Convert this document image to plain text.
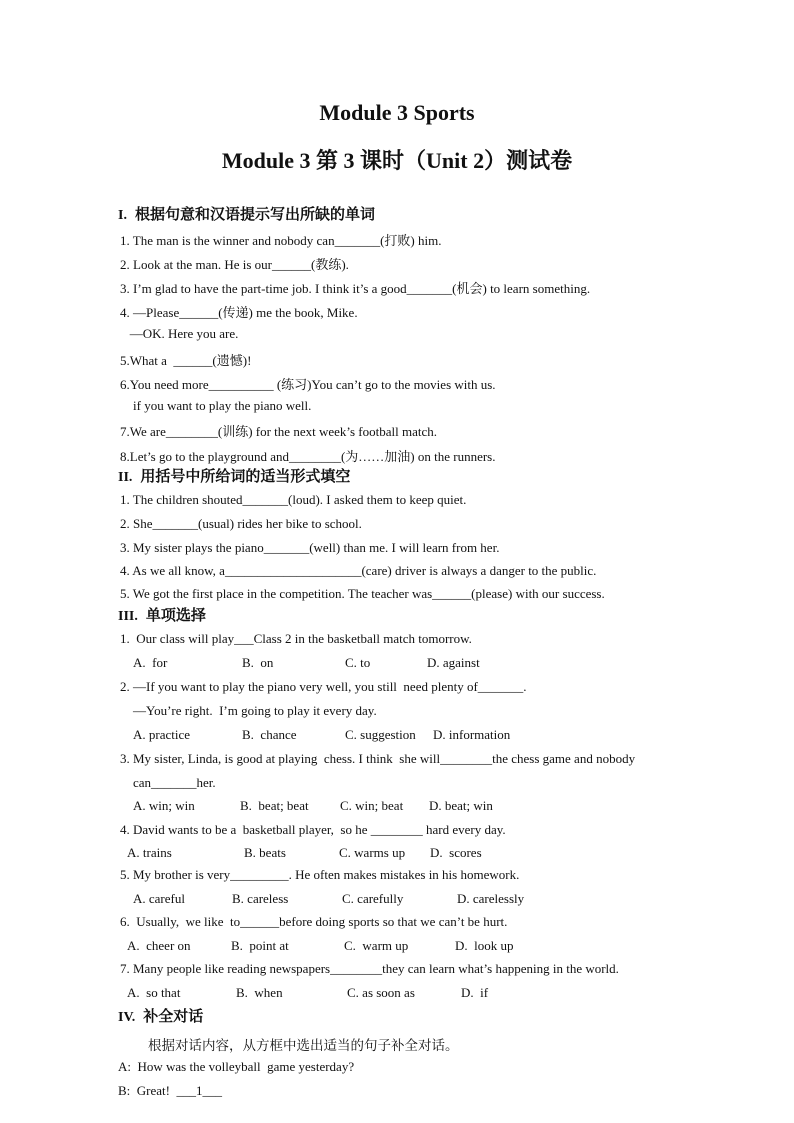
Module 3 Sports
Module 3 第 3 课时（Unit 2）测试卷
I. 根据句意和汉语提示写出所缺的单词
1. The man is the winner and nobody can_______(打败) him.
2. Look at the man. He is our______(教练).
3. I’m glad to have the part-time job. I think it’s a good_______(机会) to learn something.
4. —Please______(传递) me the book, Mike.
—OK. Here you are.
5.What a  ______(遗憾)!
6.You need more__________ (练习)You can’t go to the movies with us.
if you want to play the piano well.
7.We are________(训练) for the next week’s football match.
8.Let’s go to the playground and________(为……加油) on the runners.
II. 用括号中所给词的适当形式填空
1. The children shouted_______(loud). I asked them to keep quiet.
2. She_______(usual) rides her bike to school.
3. My sister plays the piano_______(well) than me. I will learn from her.
4. As we all know, a_____________________(care) driver is always a danger to the public.
5. We got the first place in the competition. The teacher was______(please) with our success.
III. 单项选择
1.  Our class will play___Class 2 in the basketball match tomorrow.
A.  for	B.  on	C. to	D. against
2. —If you want to play the piano very well, you still  need plenty of_______.
—You’re right.  I’m going to play it every day.
A. practice	B.  chance	C. suggestion D. information
3. My sister, Linda, is good at playing  chess. I think  she will________the chess game and nobody
can_______her.
A. win; win	B.  beat; beat C. win; beat D. beat; win
4. David wants to be a  basketball player,  so he ________ hard every day.
A. trains	B. beats	C. warms up D.  scores
5. My brother is very_________. He often makes mistakes in his homework.
A. careful	B. careless	C. carefully	D. carelessly
6.  Usually,  we like  to______before doing sports so that we can’t be hurt.
A.  cheer on	B.  point at	C.  warm up	D.  look up
7. Many people like reading newspapers________they can learn what’s happening in the world.
A.  so that	B.  when	C. as soon as	D.  if
IV. 补全对话
根据对话内容，从方框中选出适当的句子补全对话。
A:  How was the volleyball  game yesterday?
B:  Great!  ___1___
